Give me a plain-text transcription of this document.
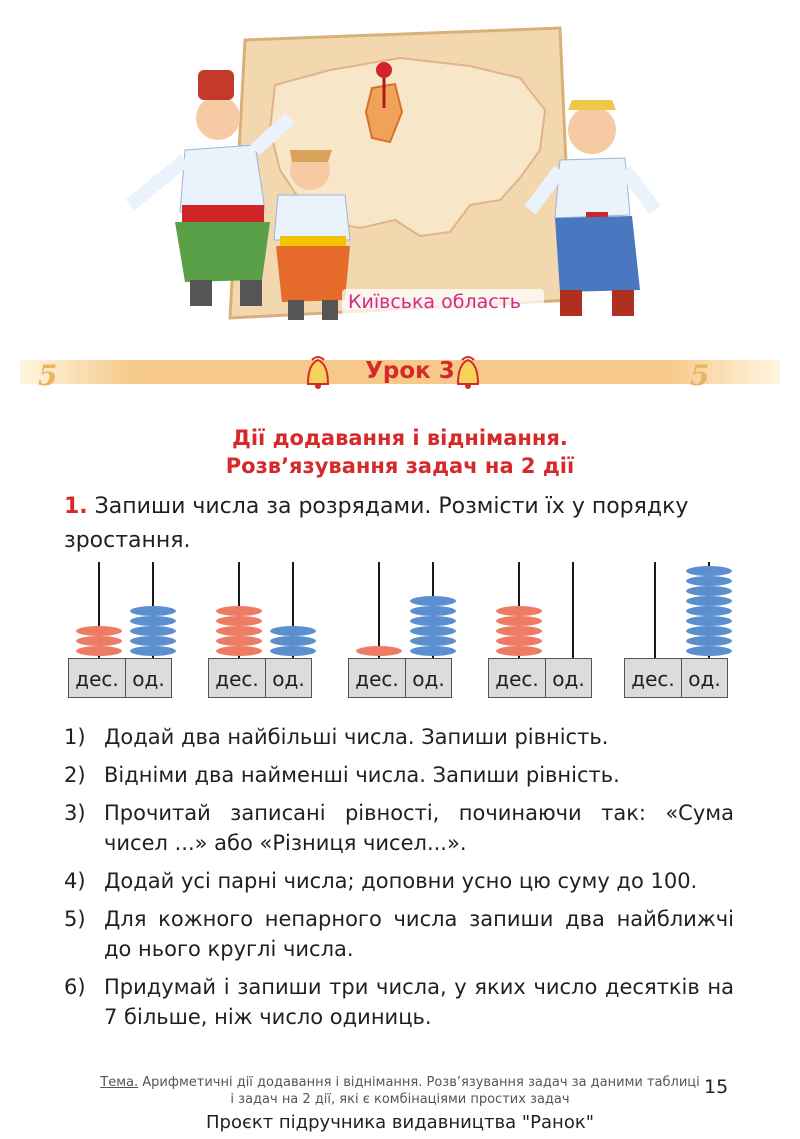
Київська область
5	5
Урок 3
Дії додавання і віднімання.
Розв’язування задач на 2 дії
1. Запиши числа за розрядами. Розмісти їх у порядку зростання.
дес. од.	дес. од.	дес. од.	дес. од.	дес. од.
1) Додай два найбільші числа. Запиши рівність.
2) Відніми два найменші числа. Запиши рівність.
3) Прочитай записані рівності, починаючи так: «Сума чисел ...» або «Різниця чисел...».
4) Додай усі парні числа; доповни усно цю суму до 100.
5) Для кожного непарного числа запиши два найближчі до нього круглі числа.
6) Придумай і запиши три числа, у яких число десятків на 7 більше, ніж число одиниць.
Тема. Арифметичні дії додавання і віднімання. Розв’язування задач за даними таблиці і задач на 2 дії, які є комбінаціями простих задач
15
Проєкт підручника видавництва "Ранок"
